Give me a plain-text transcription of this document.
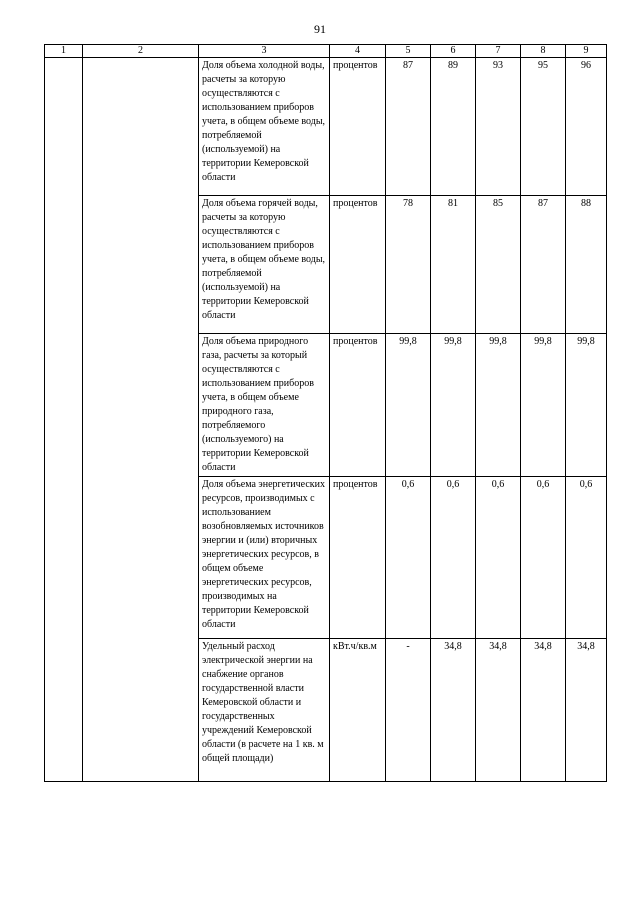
91
1	2	3	4	5	6	7	8	9
		Доля объема холодной воды, расчеты за которую осуществляются с использованием приборов учета, в общем объеме воды, потребляемой (используемой) на территории Кемеровской области	процентов	87	89	93	95	96
		Доля объема горячей воды, расчеты за которую осуществляются с использованием приборов учета, в общем объеме воды, потребляемой (используемой) на территории Кемеровской области	процентов	78	81	85	87	88
		Доля объема природного газа, расчеты за который осуществляются с использованием приборов учета, в общем объеме природного газа, потребляемого (используемого) на территории Кемеровской области	процентов	99,8	99,8	99,8	99,8	99,8
		Доля объема энергетических ресурсов, производимых с использованием возобновляемых источников энергии и (или) вторичных энергетических ресурсов, в общем объеме энергетических ресурсов, производимых на территории Кемеровской области	процентов	0,6	0,6	0,6	0,6	0,6
		Удельный расход электрической энергии на снабжение органов государственной власти Кемеровской области и государственных учреждений Кемеровской области (в расчете на 1 кв. м общей площади)	кВт.ч/кв.м	-	34,8	34,8	34,8	34,8
